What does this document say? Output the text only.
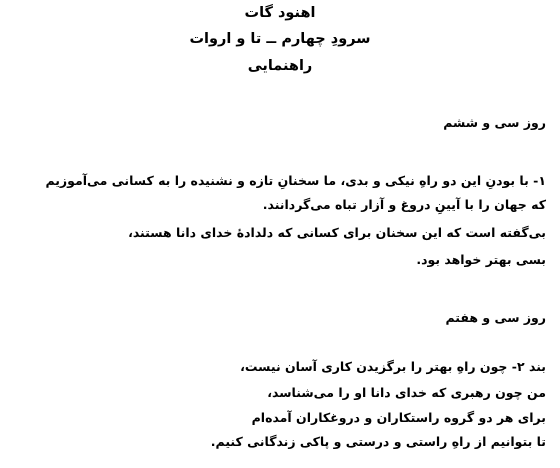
اهنود گات
سرودِ چهارم ــ تا و اروات
راهنمایی
روز سی و ششم
۱- با بودنِ این دو راهِ نیکی و بدی، ما سخنانِ تازه و نشنیده را به کسانی می‌آموزیم
که جهان را با آیینِ دروغ و آزار تباه می‌گردانند.
بی‌گفته است که این سخنان برای کسانی که دلدادهٔ خدای دانا هستند،
بسی بهتر خواهد بود.
روز سی و هفتم
بند ۲- چون راهِ بهتر را برگزیدن کاری آسان نیست،
من چون رهبری که خدای دانا او را می‌شناسد،
برای هر دو گروه راستکاران و دروغکاران آمده‌ام
تا بتوانیم از راهِ راستی و درستی و پاکی زندگانی کنیم.
